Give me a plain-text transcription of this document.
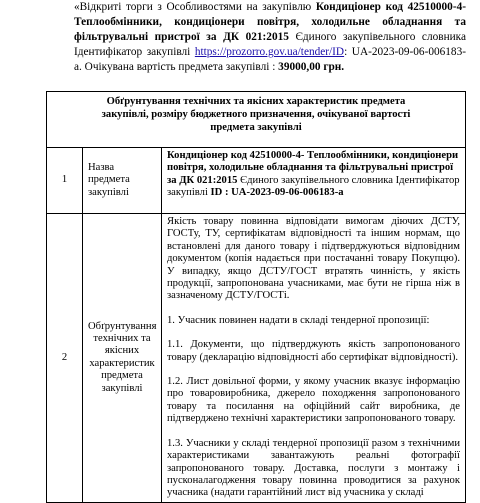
«Відкриті торги з Особливостями на закупівлю Кондиціонер код 42510000-4-Теплообмінники, кондиціонери повітря, холодильне обладнання та фільтрувальні пристрої за ДК 021:2015 Єдиного закупівельного словника Ідентифікатор закупівлі https://prozorro.gov.ua/tender/ID: UA-2023-09-06-006183-а. Очікувана вартість предмета закупівлі : 39000,00 грн.
Обґрунтування технічних та якісних характеристик предмета закупівлі, розміру бюджетного призначення, очікуваної вартості предмета закупівлі
1	Назва предмета закупівлі	Кондиціонер код 42510000-4- Теплообмінники, кондиціонери повітря, холодильне обладнання та фільтрувальні пристрої за ДК 021:2015 Єдиного закупівельного словника Ідентифікатор закупівлі ID : UA-2023-09-06-006183-а
2	Обґрунтування технічних та якісних характеристик предмета закупівлі	Якість товару повинна відповідати вимогам діючих ДСТУ, ГОСТу, ТУ, сертифікатам відповідності та іншим нормам, що встановлені для даного товару і підтверджуються відповідним документом (копія надається при постачанні товару Покупцю). У випадку, якщо ДСТУ/ГОСТ втратять чинність, у якість продукції, запропонована учасниками, має бути не гірша ніж в зазначеному ДСТУ/ГОСТі.

1. Учасник повинен надати в складі тендерної пропозиції:

1.1. Документи, що підтверджують якість запропонованого товару (декларацію відповідності або сертифікат відповідності).

1.2. Лист довільної форми, у якому учасник вказує інформацію про товаровиробника, джерело походження запропонованого товару та посилання на офіційний сайт виробника, де підтверджено технічні характеристики запропонованого товару.

1.3. Учасники у складі тендерної пропозиції разом з технічними характеристиками завантажують реальні фотографії запропонованого товару. Доставка, послуги з монтажу і пусконалагодження товару повинна проводитися за рахунок учасника (надати гарантійний лист від учасника у складі
